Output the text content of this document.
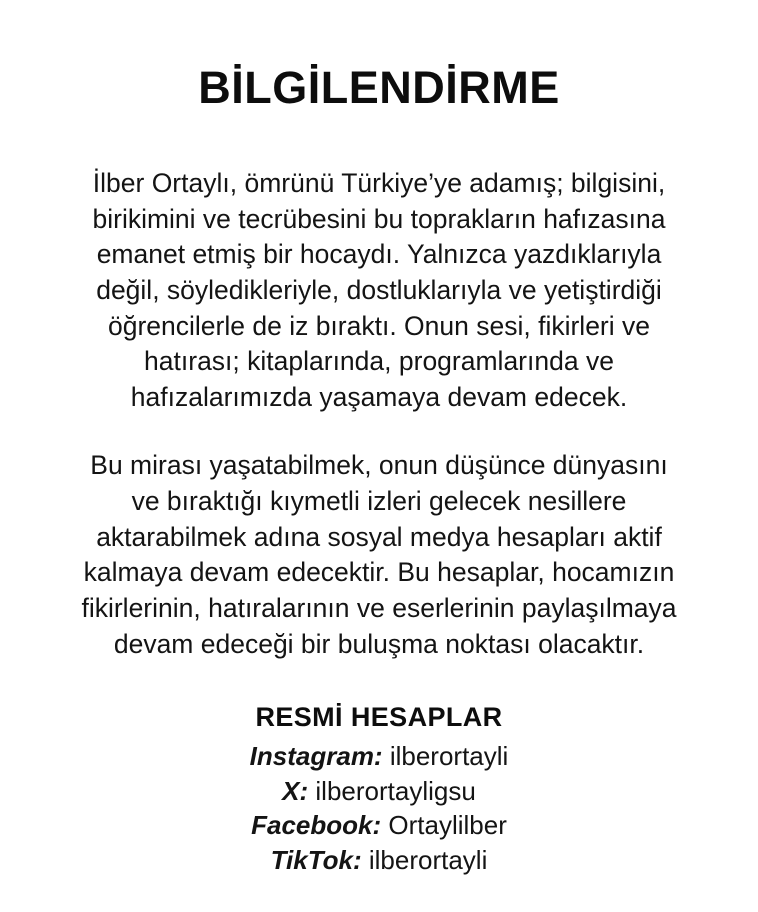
BİLGİLENDİRME

İlber Ortaylı, ömrünü Türkiye’ye adamış; bilgisini, birikimini ve tecrübesini bu toprakların hafızasına emanet etmiş bir hocaydı. Yalnızca yazdıklarıyla değil, söyledikleriyle, dostluklarıyla ve yetiştirdiği öğrencilerle de iz bıraktı. Onun sesi, fikirleri ve hatırası; kitaplarında, programlarında ve hafızalarımızda yaşamaya devam edecek.

Bu mirası yaşatabilmek, onun düşünce dünyasını ve bıraktığı kıymetli izleri gelecek nesillere aktarabilmek adına sosyal medya hesapları aktif kalmaya devam edecektir. Bu hesaplar, hocamızın fikirlerinin, hatıralarının ve eserlerinin paylaşılmaya devam edeceği bir buluşma noktası olacaktır.

RESMİ HESAPLAR
Instagram: ilberortayli
X: ilberortayligsu
Facebook: Ortaylilber
TikTok: ilberortayli
